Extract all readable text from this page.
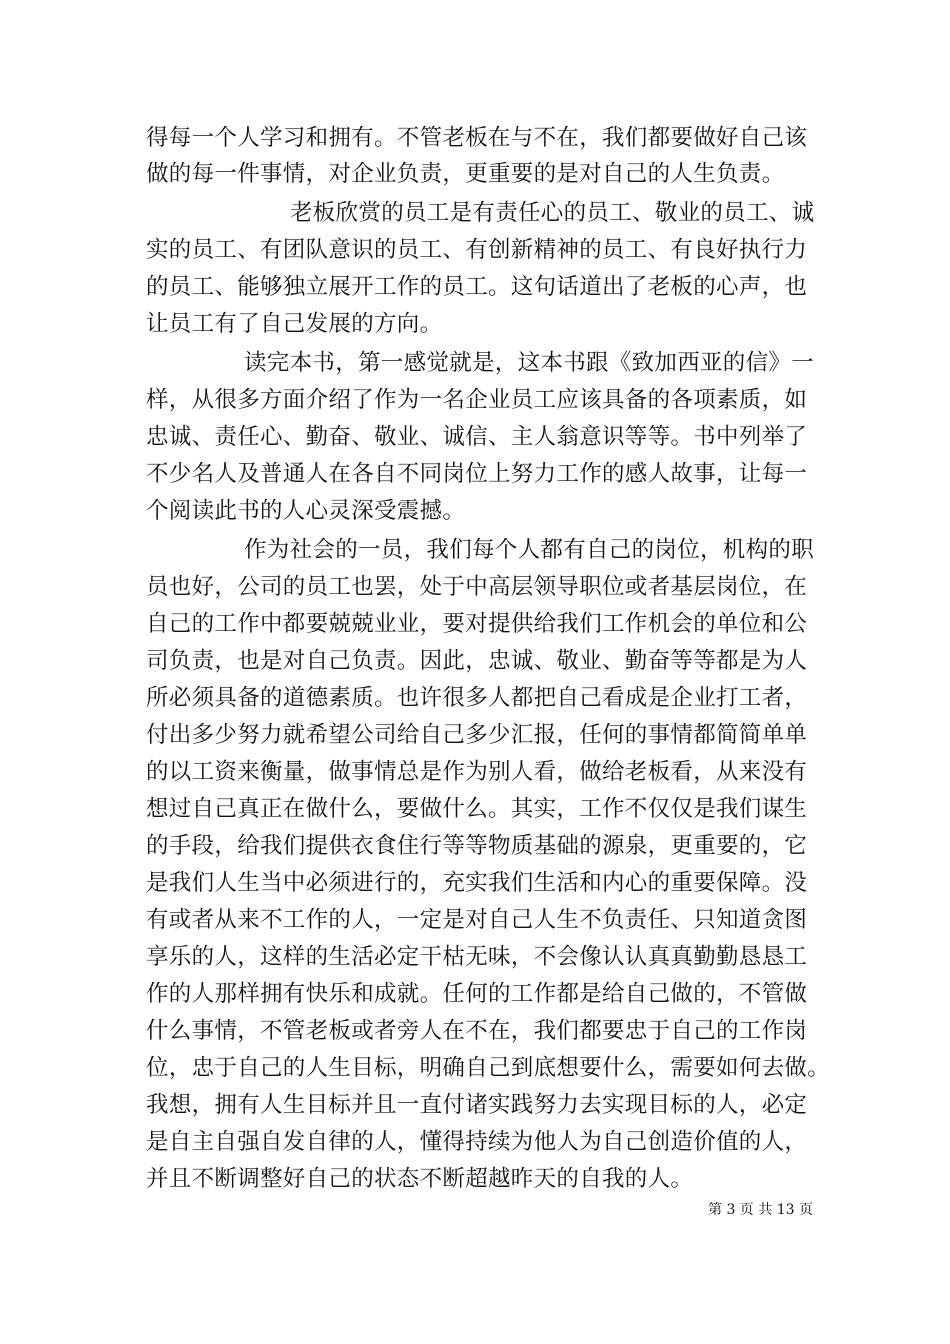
得每一个人学习和拥有。不管老板在与不在，我们都要做好自己该
做的每一件事情，对企业负责，更重要的是对自己的人生负责。
老板欣赏的员工是有责任心的员工、敬业的员工、诚
实的员工、有团队意识的员工、有创新精神的员工、有良好执行力
的员工、能够独立展开工作的员工。这句话道出了老板的心声，也
让员工有了自己发展的方向。
读完本书，第一感觉就是，这本书跟《致加西亚的信》一
样，从很多方面介绍了作为一名企业员工应该具备的各项素质，如
忠诚、责任心、勤奋、敬业、诚信、主人翁意识等等。书中列举了
不少名人及普通人在各自不同岗位上努力工作的感人故事，让每一
个阅读此书的人心灵深受震撼。
作为社会的一员，我们每个人都有自己的岗位，机构的职
员也好，公司的员工也罢，处于中高层领导职位或者基层岗位，在
自己的工作中都要兢兢业业，要对提供给我们工作机会的单位和公
司负责，也是对自己负责。因此，忠诚、敬业、勤奋等等都是为人
所必须具备的道德素质。也许很多人都把自己看成是企业打工者，
付出多少努力就希望公司给自己多少汇报，任何的事情都简简单单
的以工资来衡量，做事情总是作为别人看，做给老板看，从来没有
想过自己真正在做什么，要做什么。其实，工作不仅仅是我们谋生
的手段，给我们提供衣食住行等等物质基础的源泉，更重要的，它
是我们人生当中必须进行的，充实我们生活和内心的重要保障。没
有或者从来不工作的人，一定是对自己人生不负责任、只知道贪图
享乐的人，这样的生活必定干枯无味，不会像认认真真勤勤恳恳工
作的人那样拥有快乐和成就。任何的工作都是给自己做的，不管做
什么事情，不管老板或者旁人在不在，我们都要忠于自己的工作岗
位，忠于自己的人生目标，明确自己到底想要什么，需要如何去做。
我想，拥有人生目标并且一直付诸实践努力去实现目标的人，必定
是自主自强自发自律的人，懂得持续为他人为自己创造价值的人，
并且不断调整好自己的状态不断超越昨天的自我的人。
第 3 页 共 13 页
